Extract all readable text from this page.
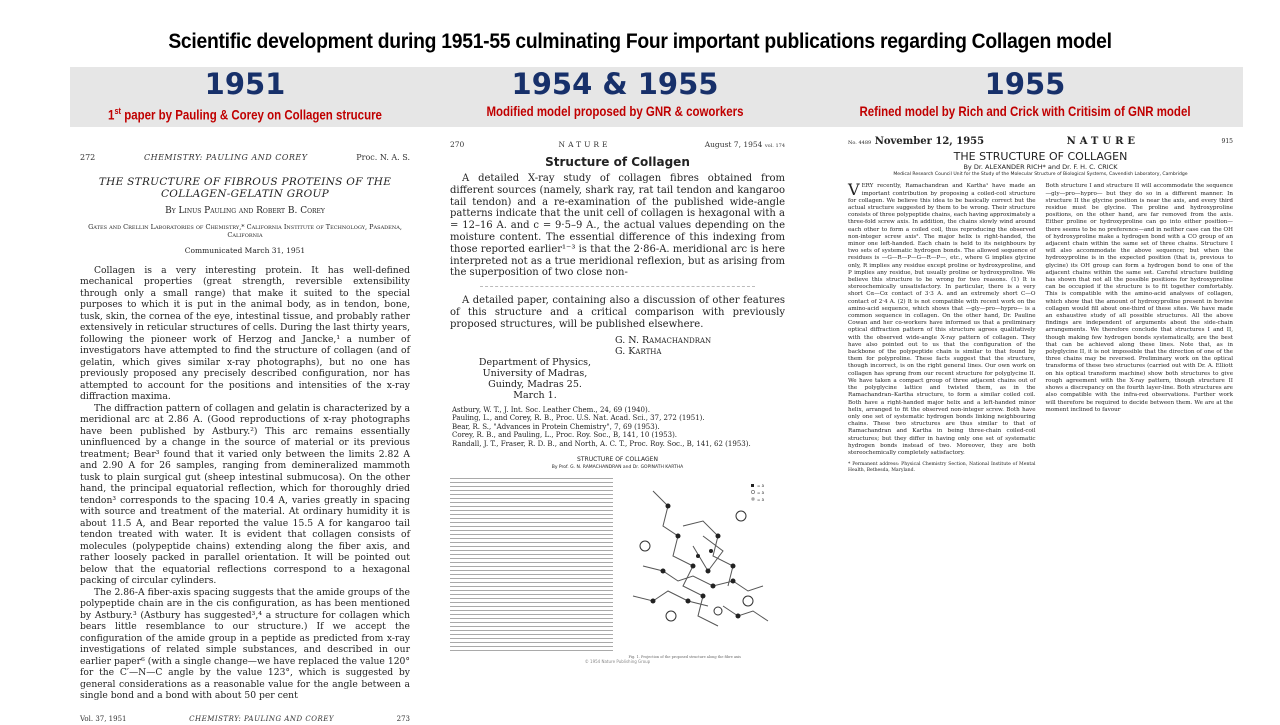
Scientific development during 1951-55 culminating Four important publications regarding Collagen model
1951
1st paper by Pauling & Corey on Collagen strucure
1954 & 1955
Modified model proposed by GNR & coworkers
1955
Refined model by Rich and Crick with Critisim of GNR model
272	CHEMISTRY: PAULING AND COREY	Proc. N. A. S.
THE STRUCTURE OF FIBROUS PROTEINS OF THE COLLAGEN-GELATIN GROUP
By Linus Pauling and Robert B. Corey
Gates and Crellin Laboratories of Chemistry,* California Institute of Technology, Pasadena, California
Communicated March 31, 1951

Collagen is a very interesting protein. It has well-defined mechanical properties (great strength, reversible extensibility through only a small range) that make it suited to the special purposes to which it is put in the animal body, as in tendon, bone, tusk, skin, the cornea of the eye, intestinal tissue, and probably rather extensively in reticular structures of cells. During the last thirty years, following the pioneer work of Herzog and Jancke,¹ a number of investigators have attempted to find the structure of collagen (and of gelatin, which gives similar x-ray photographs), but no one has previously proposed any precisely described configuration, nor has attempted to account for the positions and intensities of the x-ray diffraction maxima.

The diffraction pattern of collagen and gelatin is characterized by a meridional arc at 2.86 A. (Good reproductions of x-ray photographs have been published by Astbury.²) This arc remains essentially uninfluenced by a change in the source of material or its previous treatment; Bear³ found that it varied only between the limits 2.82 A and 2.90 A for 26 samples, ranging from demineralized mammoth tusk to plain surgical gut (sheep intestinal submucosa). On the other hand, the principal equatorial reflection, which for thoroughly dried tendon³ corresponds to the spacing 10.4 A, varies greatly in spacing with source and treatment of the material. At ordinary humidity it is about 11.5 A, and Bear reported the value 15.5 A for kangaroo tail tendon treated with water. It is evident that collagen consists of molecules (polypeptide chains) extending along the fiber axis, and rather loosely packed in parallel orientation. It will be pointed out below that the equatorial reflections correspond to a hexagonal packing of circular cylinders.

The 2.86-A fiber-axis spacing suggests that the amide groups of the polypeptide chain are in the cis configuration, as has been mentioned by Astbury.³ (Astbury has suggested³,⁴ a structure for collagen which bears little resemblance to our structure.) If we accept the configuration of the amide group in a peptide as predicted from x-ray investigations of related simple substances, and described in our earlier paper⁶ (with a single change—we have replaced the value 120° for the C′—N—C angle by the value 123°, which is suggested by general considerations as a reasonable value for the angle between a single bond and a bond with about 50 per cent

Vol. 37, 1951	CHEMISTRY: PAULING AND COREY	273
270	NATURE	August 7, 1954 vol. 174
Structure of Collagen

A detailed X-ray study of collagen fibres obtained from different sources (namely, shark ray, rat tail tendon and kangaroo tail tendon) and a re-examination of the published wide-angle patterns indicate that the unit cell of collagen is hexagonal with a = 12–16 A. and c = 9·5–9 A., the actual values depending on the moisture content. The essential difference of this indexing from those reported earlier¹⁻³ is that the 2·86-A. meridional arc is here interpreted not as a true meridional reflexion, but as arising from the superposition of two close non-

A detailed paper, containing also a discussion of other features of this structure and a critical comparison with previously proposed structures, will be published elsewhere.

G. N. Ramachandran
G. Kartha
Department of Physics,
University of Madras,
Guindy, Madras 25.
March 1.
Astbury, W. T., J. Int. Soc. Leather Chem., 24, 69 (1940).
Pauling, L., and Corey, R. B., Proc. U.S. Nat. Acad. Sci., 37, 272 (1951).
Bear, R. S., "Advances in Protein Chemistry", 7, 69 (1953).
Corey, R. B., and Pauling, L., Proc. Roy. Soc., B, 141, 10 (1953).
Randall, J. T., Fraser, R. D. B., and North, A. C. T., Proc. Roy. Soc., B, 141, 62 (1953).
STRUCTURE OF COLLAGEN
By Prof. G. N. RAMACHANDRAN and Dr. GOPINATH KARTHA
= a
= a
= a
Fig. 1. Projection of the proposed structure along the fibre axis
© 1954 Nature Publishing Group
No. 4489 November 12, 1955	NATURE	915
THE STRUCTURE OF COLLAGEN
By Dr. ALEXANDER RICH* and Dr. F. H. C. CRICK
Medical Research Council Unit for the Study of the Molecular Structure of Biological Systems, Cavendish Laboratory, Cambridge
VERY recently, Ramachandran and Kartha¹ have made an important contribution by proposing a coiled-coil structure for collagen. We believe this idea to be basically correct but the actual structure suggested by them to be wrong. Their structure consists of three polypeptide chains, each having approximately a three-fold screw axis. In addition, the chains slowly wind around each other to form a coiled coil, thus reproducing the observed non-integer screw axis². The major helix is right-handed, the minor one left-handed. Each chain is held to its neighbours by two sets of systematic hydrogen bonds. The allowed sequence of residues is —G—R—P—G—R—P—, etc., where G implies glycine only, R implies any residue except proline or hydroxyproline, and P implies any residue, but usually proline or hydroxyproline. We believe this structure to be wrong for two reasons. (1) It is stereochemically unsatisfactory. In particular, there is a very short Cα—Cα contact of 3·3 A. and an extremely short C—O contact of 2·4 A. (2) It is not compatible with recent work on the amino-acid sequence, which shows that —gly—pro—hypro— is a common sequence in collagen. On the other hand, Dr. Pauline Cowan and her co-workers have informed us that a preliminary optical diffraction pattern of this structure agrees qualitatively with the observed wide-angle X-ray pattern of collagen. They have also pointed out to us that the configuration of the backbone of the polypeptide chain is similar to that found by them for polyproline. These facts suggest that the structure, though incorrect, is on the right general lines. Our own work on collagen has sprung from our recent structure for polyglycine II. We have taken a compact group of three adjacent chains out of the polyglycine lattice and twisted them, as in the Ramachandran–Kartha structure, to form a similar coiled coil. Both have a right-handed major helix and a left-handed minor helix, arranged to fit the observed non-integer screw. Both have only one set of systematic hydrogen bonds linking neighbouring chains. These two structures are thus similar to that of Ramachandran and Kartha in being three-chain coiled-coil structures; but they differ in having only one set of systematic hydrogen bonds instead of two. Moreover, they are both stereochemically completely satisfactory.
* Permanent address: Physical Chemistry Section, National Institute of Mental Health, Bethesda, Maryland.
Both structure I and structure II will accommodate the sequence —gly—pro—hypro— but they do so in a different manner. In structure II the glycine position is near the axis, and every third residue must be glycine. The proline and hydroxyproline positions, on the other hand, are far removed from the axis. Either proline or hydroxyproline can go into either position—there seems to be no preference—and in neither case can the OH of hydroxyproline make a hydrogen bond with a CO group of an adjacent chain within the same set of three chains. Structure I will also accommodate the above sequence; but when the hydroxyproline is in the expected position (that is, previous to glycine) its OH group can form a hydrogen bond to one of the adjacent chains within the same set. Careful structure building has shown that not all the possible positions for hydroxyproline can be occupied if the structure is to fit together comfortably. This is compatible with the amino-acid analyses of collagen, which show that the amount of hydroxyproline present in bovine collagen would fill about one-third of these sites. We have made an exhaustive study of all possible structures. All the above findings are independent of arguments about the side-chain arrangements. We therefore conclude that structures I and II, though making few hydrogen bonds systematically, are the best that can be achieved along these lines. Note that, as in polyglycine II, it is not impossible that the direction of one of the three chains may be reversed. Preliminary work on the optical transforms of these two structures (carried out with Dr. A. Elliott on his optical transform machine) show both structures to give rough agreement with the X-ray pattern, though structure II shows a discrepancy on the fourth layer-line. Both structures are also compatible with the infra-red observations. Further work will therefore be required to decide between them. We are at the moment inclined to favour
